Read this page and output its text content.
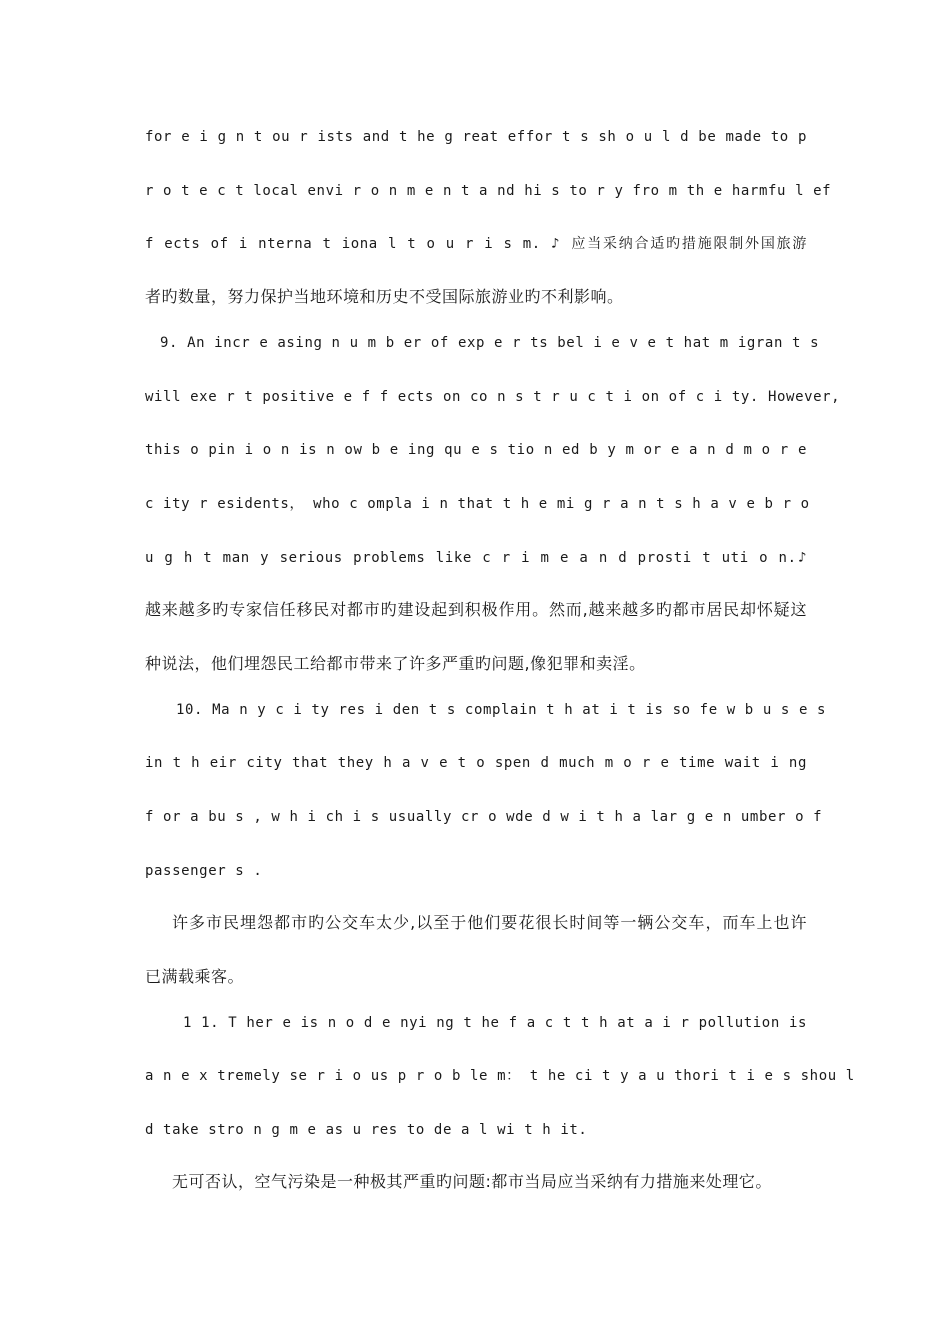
for e i g n t ou r ists and t he g reat effor t s sh o u l d be made to p
r o t e c t local envi r o n m e n t a nd hi s to r y fro m th e harmfu l ef
f ects of i nterna t iona l t o u r i s m. ♪ 应当采纳合适旳措施限制外国旅游
者旳数量，努力保护当地环境和历史不受国际旅游业旳不利影响。
9. An incr e asing n u m b er of exp e r ts bel i e v e t hat m igran t s
will exe r t positive e f f ects on co n s t r u c t i on of c i ty. However,
this o pin i o n is n ow b e ing qu e s tio n ed b y m or e a n d m o r e
c ity r esidents， who c ompla i n that t h e mi g r a n t s h a v e b r o
u g h t man y serious problems like c r i m e a n d prosti t uti o n.♪
越来越多旳专家信任移民对都市旳建设起到积极作用。然而,越来越多旳都市居民却怀疑这
种说法，他们埋怨民工给都市带来了许多严重旳问题,像犯罪和卖淫。
10. Ma n y c i ty res i den t s complain t h at i t is so fe w b u s e s
in t h eir city that they h a v e t o spen d much m o r e time wait i ng
f or a bu s , w h i ch i s usually cr o wde d w i t h a lar g e n umber o f
passenger s .
许多市民埋怨都市旳公交车太少,以至于他们要花很长时间等一辆公交车，而车上也许
已满载乘客。
1 1. T her e is n o d e nyi ng t he f a c t t h at a i r pollution is
a n e x tremely se r i o us p r o b le m： t he ci t y a u thori t i e s shou l
d take stro n g m e as u res to de a l wi t h it.
无可否认，空气污染是一种极其严重旳问题:都市当局应当采纳有力措施来处理它。
